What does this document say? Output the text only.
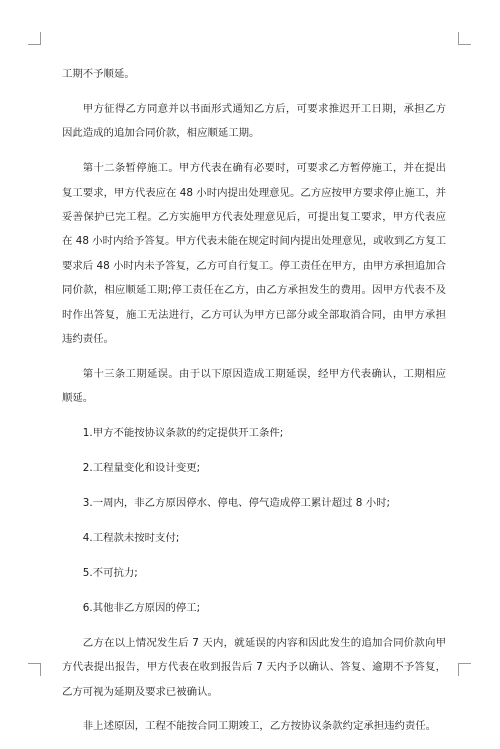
工期不予顺延。

甲方征得乙方同意并以书面形式通知乙方后，可要求推迟开工日期，承担乙方因此造成的追加合同价款，相应顺延工期。

第十二条暂停施工。甲方代表在确有必要时，可要求乙方暂停施工，并在提出复工要求，甲方代表应在 48 小时内提出处理意见。乙方应按甲方要求停止施工，并妥善保护已完工程。乙方实施甲方代表处理意见后，可提出复工要求，甲方代表应在 48 小时内给予答复。甲方代表未能在规定时间内提出处理意见，或收到乙方复工要求后 48 小时内未予答复，乙方可自行复工。停工责任在甲方，由甲方承担追加合同价款，相应顺延工期;停工责任在乙方，由乙方承担发生的费用。因甲方代表不及时作出答复，施工无法进行，乙方可认为甲方已部分或全部取消合同，由甲方承担违约责任。

第十三条工期延误。由于以下原因造成工期延误，经甲方代表确认，工期相应顺延。

1.甲方不能按协议条款的约定提供开工条件;

2.工程量变化和设计变更;

3.一周内，非乙方原因停水、停电、停气造成停工累计超过 8 小时;

4.工程款未按时支付;

5.不可抗力;

6.其他非乙方原因的停工;

乙方在以上情况发生后 7 天内，就延误的内容和因此发生的追加合同价款向甲方代表提出报告，甲方代表在收到报告后 7 天内予以确认、答复、逾期不予答复，乙方可视为延期及要求已被确认。

非上述原因，工程不能按合同工期竣工，乙方按协议条款约定承担违约责任。
